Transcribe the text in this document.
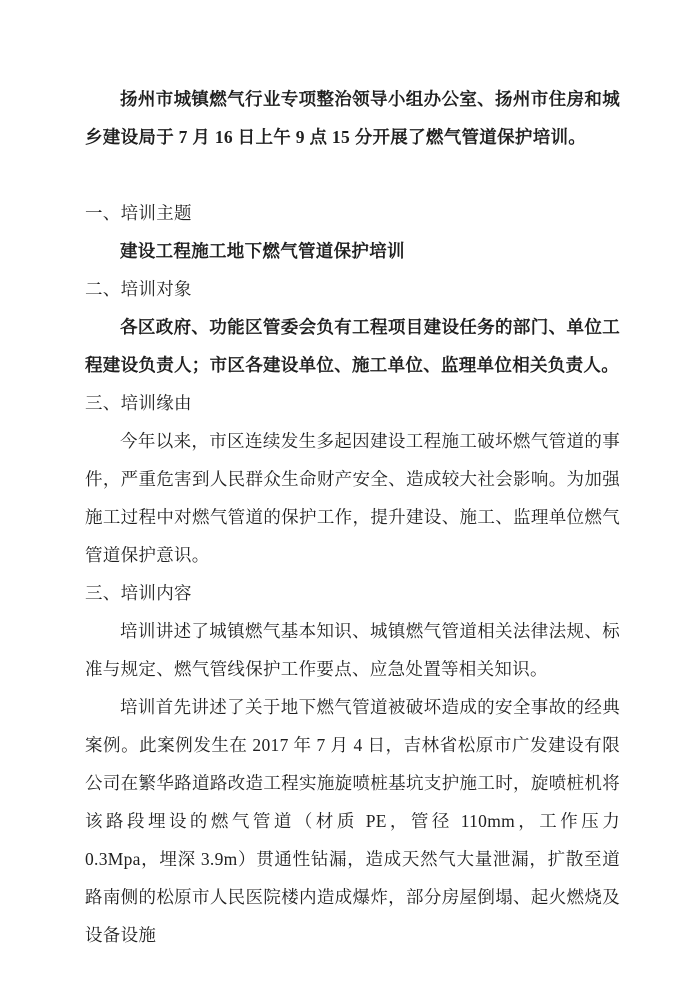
扬州市城镇燃气行业专项整治领导小组办公室、扬州市住房和城乡建设局于 7 月 16 日上午 9 点 15 分开展了燃气管道保护培训。

一、培训主题

建设工程施工地下燃气管道保护培训

二、培训对象

各区政府、功能区管委会负有工程项目建设任务的部门、单位工程建设负责人；市区各建设单位、施工单位、监理单位相关负责人。

三、培训缘由

今年以来，市区连续发生多起因建设工程施工破坏燃气管道的事件，严重危害到人民群众生命财产安全、造成较大社会影响。为加强施工过程中对燃气管道的保护工作，提升建设、施工、监理单位燃气管道保护意识。

三、培训内容

培训讲述了城镇燃气基本知识、城镇燃气管道相关法律法规、标准与规定、燃气管线保护工作要点、应急处置等相关知识。

培训首先讲述了关于地下燃气管道被破坏造成的安全事故的经典案例。此案例发生在 2017 年 7 月 4 日，吉林省松原市广发建设有限公司在繁华路道路改造工程实施旋喷桩基坑支护施工时，旋喷桩机将该路段埋设的燃气管道（材质 PE，管径 110mm，工作压力 0.3Mpa，埋深 3.9m）贯通性钻漏，造成天然气大量泄漏，扩散至道路南侧的松原市人民医院楼内造成爆炸，部分房屋倒塌、起火燃烧及设备设施
